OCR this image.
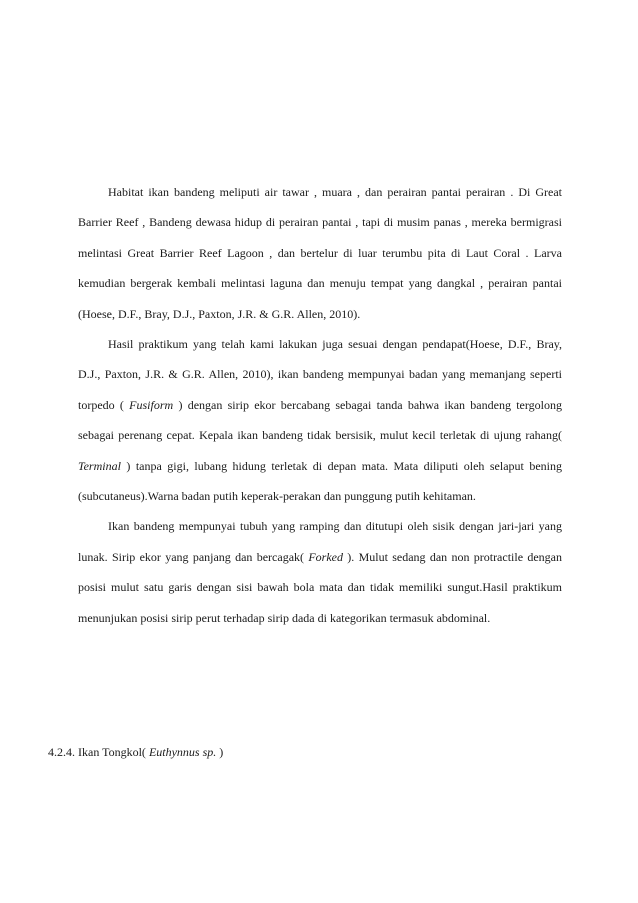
Habitat ikan bandeng meliputi air tawar , muara , dan perairan pantai perairan . Di Great Barrier Reef , Bandeng dewasa hidup di perairan pantai , tapi di musim panas , mereka bermigrasi melintasi Great Barrier Reef Lagoon , dan bertelur di luar terumbu pita di Laut Coral . Larva kemudian bergerak kembali melintasi laguna dan menuju tempat yang dangkal , perairan pantai (Hoese, D.F., Bray, D.J., Paxton, J.R. & G.R. Allen, 2010).

Hasil praktikum yang telah kami lakukan juga sesuai dengan pendapat(Hoese, D.F., Bray, D.J., Paxton, J.R. & G.R. Allen, 2010), ikan bandeng mempunyai badan yang memanjang seperti torpedo ( Fusiform ) dengan sirip ekor bercabang sebagai tanda bahwa ikan bandeng tergolong sebagai perenang cepat. Kepala ikan bandeng tidak bersisik, mulut kecil terletak di ujung rahang( Terminal ) tanpa gigi, lubang hidung terletak di depan mata. Mata diliputi oleh selaput bening (subcutaneus).Warna badan putih keperak-perakan dan punggung putih kehitaman.

Ikan bandeng mempunyai tubuh yang ramping dan ditutupi oleh sisik dengan jari-jari yang lunak. Sirip ekor yang panjang dan bercagak( Forked ). Mulut sedang dan non protractile dengan posisi mulut satu garis dengan sisi bawah bola mata dan tidak memiliki sungut.Hasil praktikum menunjukan posisi sirip perut terhadap sirip dada di kategorikan termasuk abdominal.

4.2.4. Ikan Tongkol( Euthynnus sp. )
